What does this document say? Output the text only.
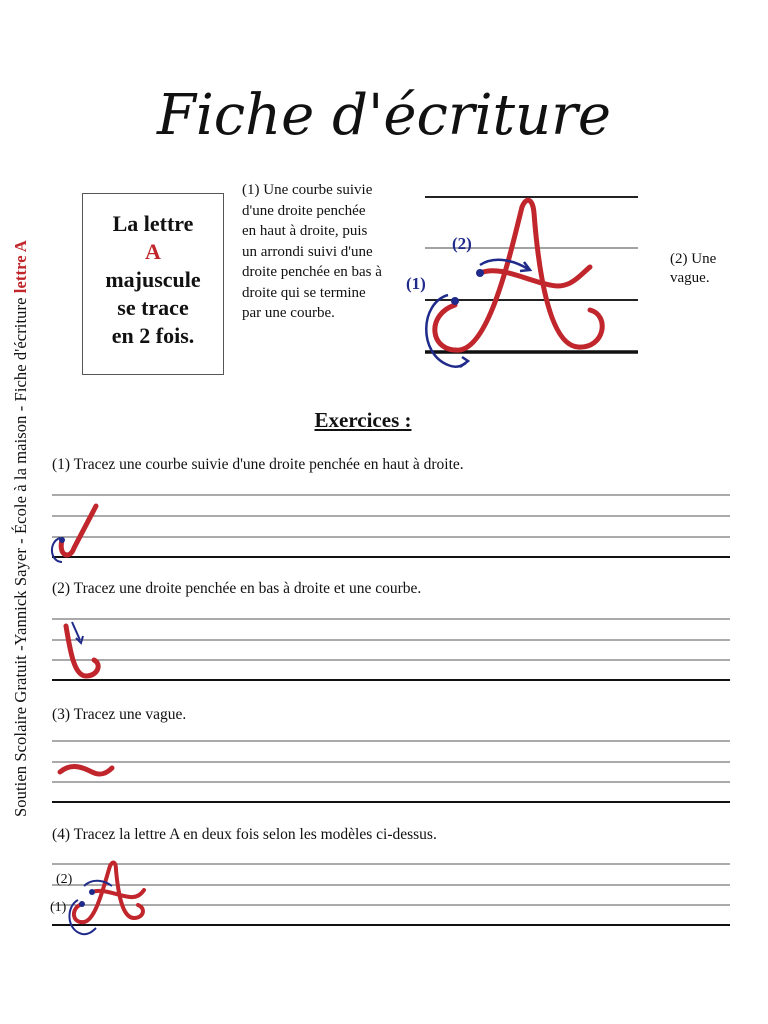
Fiche d'écriture
Soutien Scolaire Gratuit -Yannick Sayer - École à la maison - Fiche d'écriture lettre A
La lettre
A
majuscule
se trace
en 2 fois.
(1) Une courbe suivie d'une droite penchée en haut à droite, puis un arrondi suivi d'une droite penchée en bas à droite qui se termine par une courbe.
(2) Une vague.
(2)
(1)
Exercices :
(1) Tracez une courbe suivie d'une droite penchée en haut à droite.
(2) Tracez une droite penchée en bas à droite et une courbe.
(3) Tracez une vague.
(4) Tracez la lettre A en deux fois selon les modèles ci-dessus.
(2)
(1)
